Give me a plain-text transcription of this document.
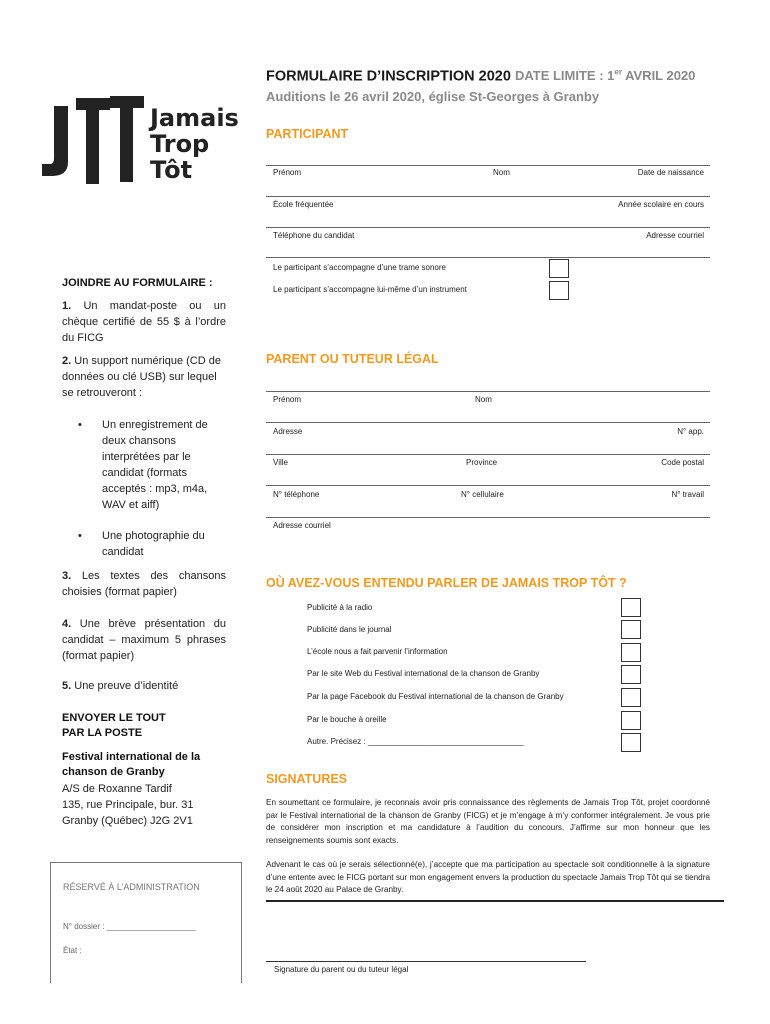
Jamais
Trop
Tôt
FORMULAIRE D’INSCRIPTION 2020 DATE LIMITE : 1er AVRIL 2020
Auditions le 26 avril 2020, église St-Georges à Granby
PARTICIPANT
Prénom	Nom	Date de naissance
École fréquentée	Année scolaire en cours
Téléphone du candidat	Adresse courriel
Le participant s’accompagne d’une trame sonore
Le participant s’accompagne lui-même d’un instrument
PARENT OU TUTEUR LÉGAL
Prénom	Nom
Adresse	N° app.
Ville	Province	Code postal
N° téléphone	N° cellulaire	N° travail
Adresse courriel
OÙ AVEZ-VOUS ENTENDU PARLER DE JAMAIS TROP TÔT ?
Publicité à la radio
Publicité dans le journal
L’école nous a fait parvenir l’information
Par le site Web du Festival international de la chanson de Granby
Par la page Facebook du Festival international de la chanson de Granby
Par le bouche à oreille
Autre. Précisez : ___________________________________
SIGNATURES
En soumettant ce formulaire, je reconnais avoir pris connaissance des règlements de Jamais Trop Tôt, projet coordonné par le Festival international de la chanson de Granby (FICG) et je m’engage à m’y conformer intégralement. Je vous prie de considérer mon inscription et ma candidature à l’audition du concours. J’affirme sur mon honneur que les renseignements soumis sont exacts.
Advenant le cas où je serais sélectionné(e), j’accepte que ma participation au spectacle soit conditionnelle à la signature d’une entente avec le FICG portant sur mon engagement envers la production du spectacle Jamais Trop Tôt qui se tiendra le 24 août 2020 au Palace de Granby.
Signature du parent ou du tuteur légal
JOINDRE AU FORMULAIRE :
1. Un mandat-poste ou un chèque certifié de 55 $ à l’ordre du FICG
2. Un support numérique (CD de données ou clé USB) sur lequel se retrouveront :
• Un enregistrement de deux chansons interprétées par le candidat (formats acceptés : mp3, m4a, WAV et aiff)
• Une photographie du candidat
3. Les textes des chansons choisies (format papier)
4. Une brève présentation du candidat – maximum 5 phrases (format papier)
5. Une preuve d’identité
ENVOYER LE TOUT
PAR LA POSTE
Festival international de la chanson de Granby
A/S de Roxanne Tardif
135, rue Principale, bur. 31
Granby (Québec) J2G 2V1
RÉSERVÉ À L’ADMINISTRATION
N° dossier : ____________________
État :
